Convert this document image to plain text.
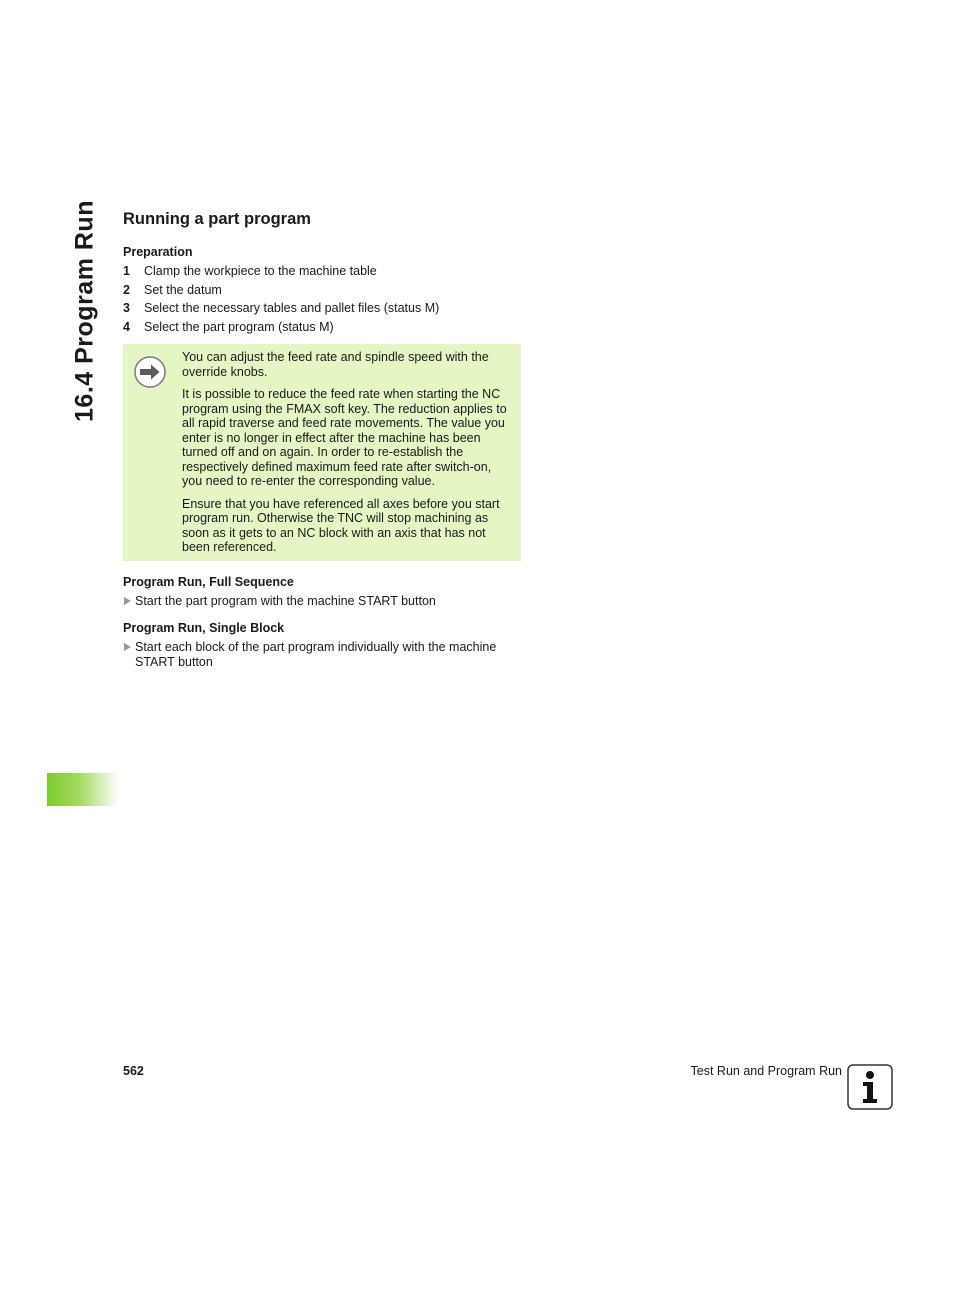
16.4 Program Run Running a part program
Preparation
1	Clamp the workpiece to the machine table
2	Set the datum
3	Select the necessary tables and pallet files (status M)
4	Select the part program (status M)

You can adjust the feed rate and spindle speed with the override knobs.

It is possible to reduce the feed rate when starting the NC program using the FMAX soft key. The reduction applies to all rapid traverse and feed rate movements. The value you enter is no longer in effect after the machine has been turned off and on again. In order to re-establish the respectively defined maximum feed rate after switch-on, you need to re-enter the corresponding value.

Ensure that you have referenced all axes before you start program run. Otherwise the TNC will stop machining as soon as it gets to an NC block with an axis that has not been referenced.

Program Run, Full Sequence
Start the part program with the machine START button
Program Run, Single Block
Start each block of the part program individually with the machine START button
562	Test Run and Program Run
